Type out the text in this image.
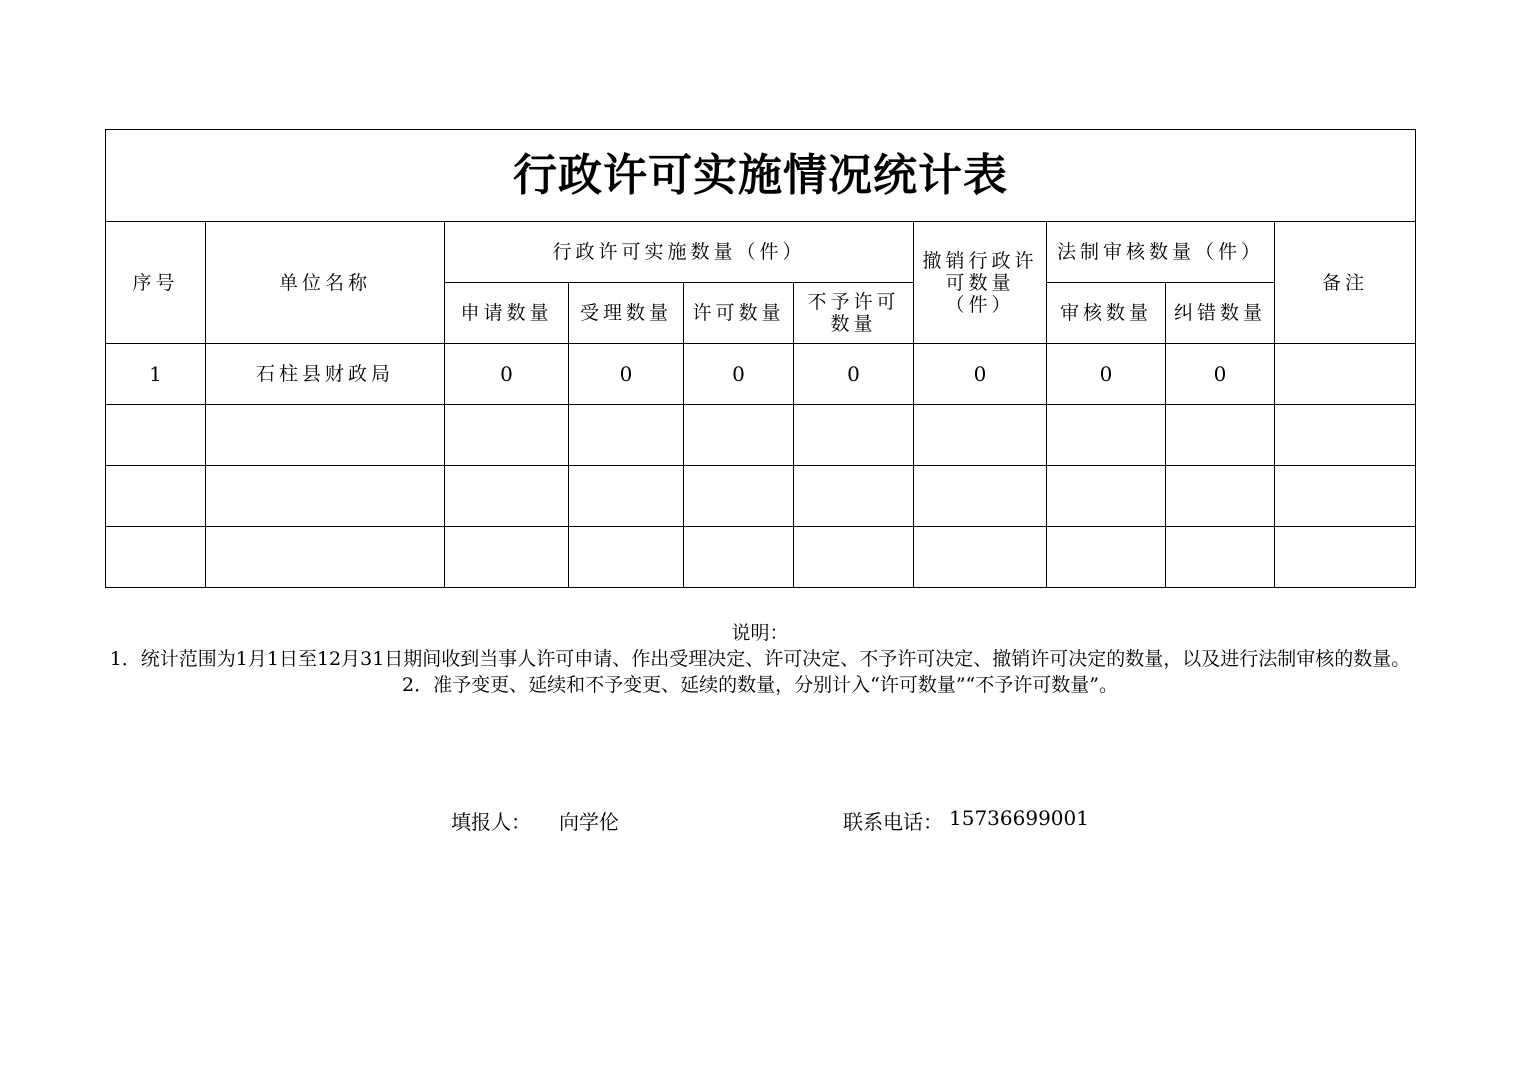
行政许可实施情况统计表									
序号	单位名称	行政许可实施数量（件）				撤销行政许可数量（件）	法制审核数量（件）		备注
		申请数量	受理数量	许可数量	不予许可数量		审核数量	纠错数量	
1	石柱县财政局	0	0	0	0	0	0	0	

说明：
1．统计范围为1月1日至12月31日期间收到当事人许可申请、作出受理决定、许可决定、不予许可决定、撤销许可决定的数量，以及进行法制审核的数量。
2．准予变更、延续和不予变更、延续的数量，分别计入“许可数量”“不予许可数量”。
填报人： 向学伦	联系电话： 15736699001
